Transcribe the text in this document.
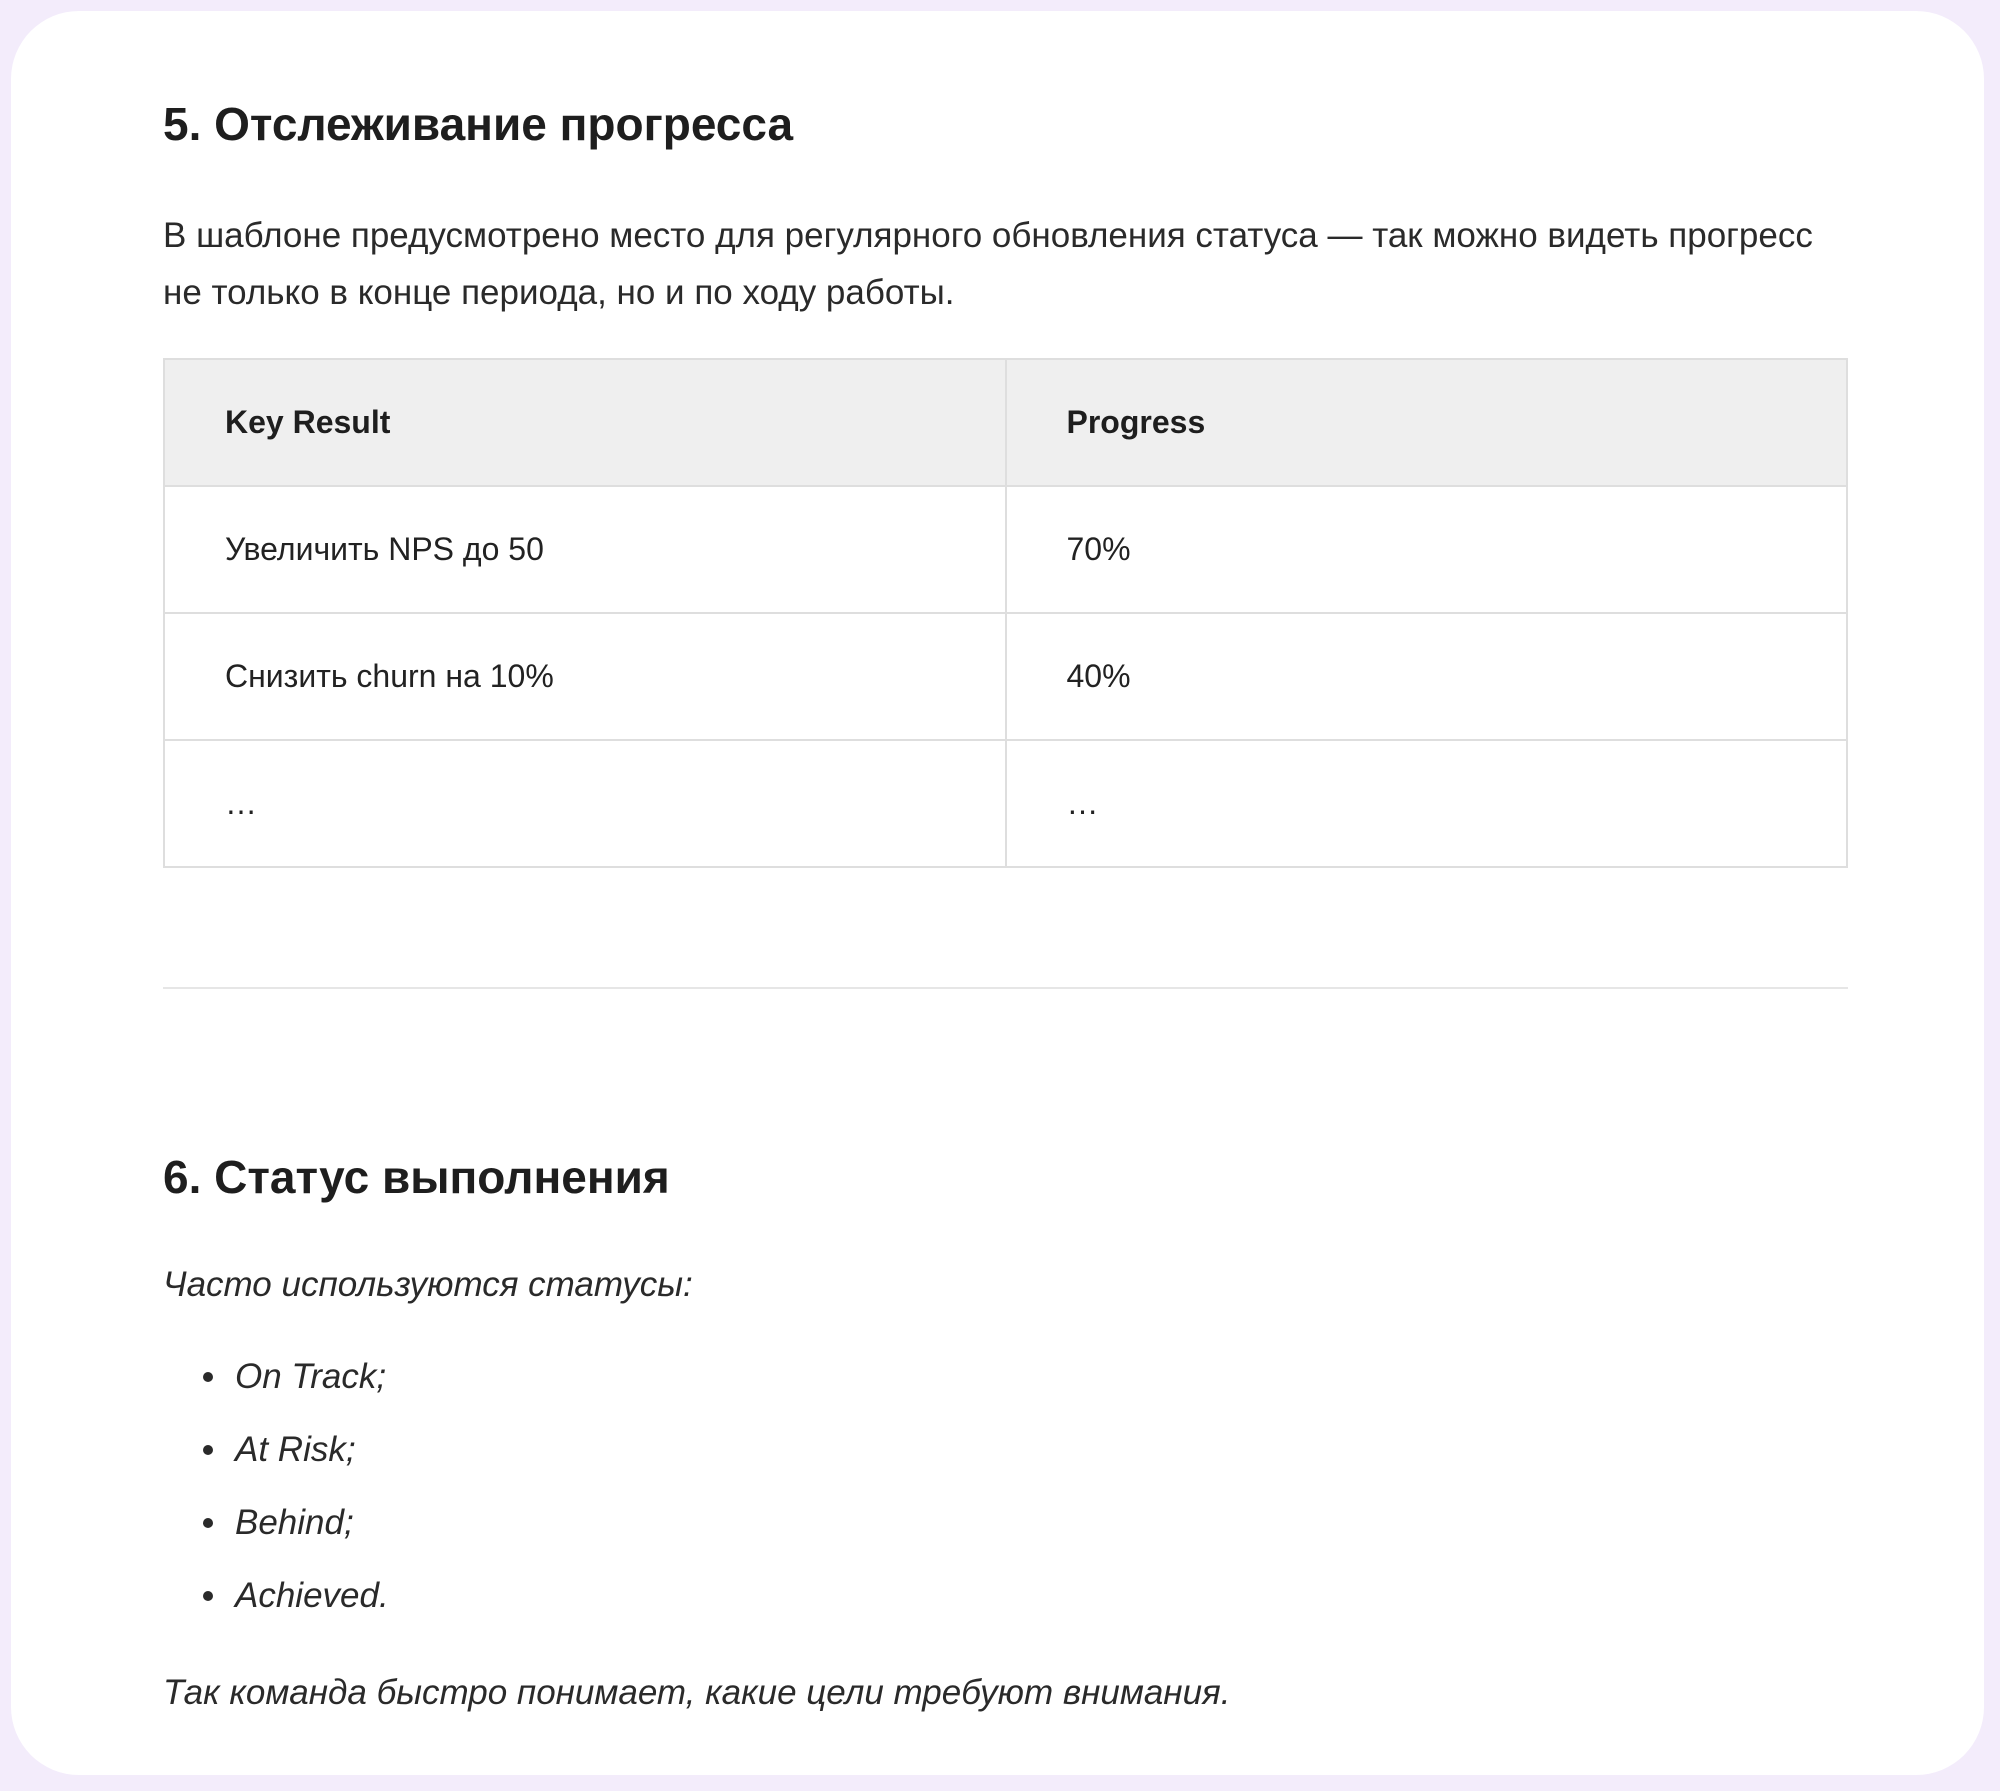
5. Отслеживание прогресса

В шаблоне предусмотрено место для регулярного обновления статуса — так можно видеть прогресс не только в конце периода, но и по ходу работы.

Key Result	Progress
Увеличить NPS до 50	70%
Снизить churn на 10%	40%
…	…
6. Статус выполнения

Часто используются статусы:

On Track;
At Risk;
Behind;
Achieved.

Так команда быстро понимает, какие цели требуют внимания.
